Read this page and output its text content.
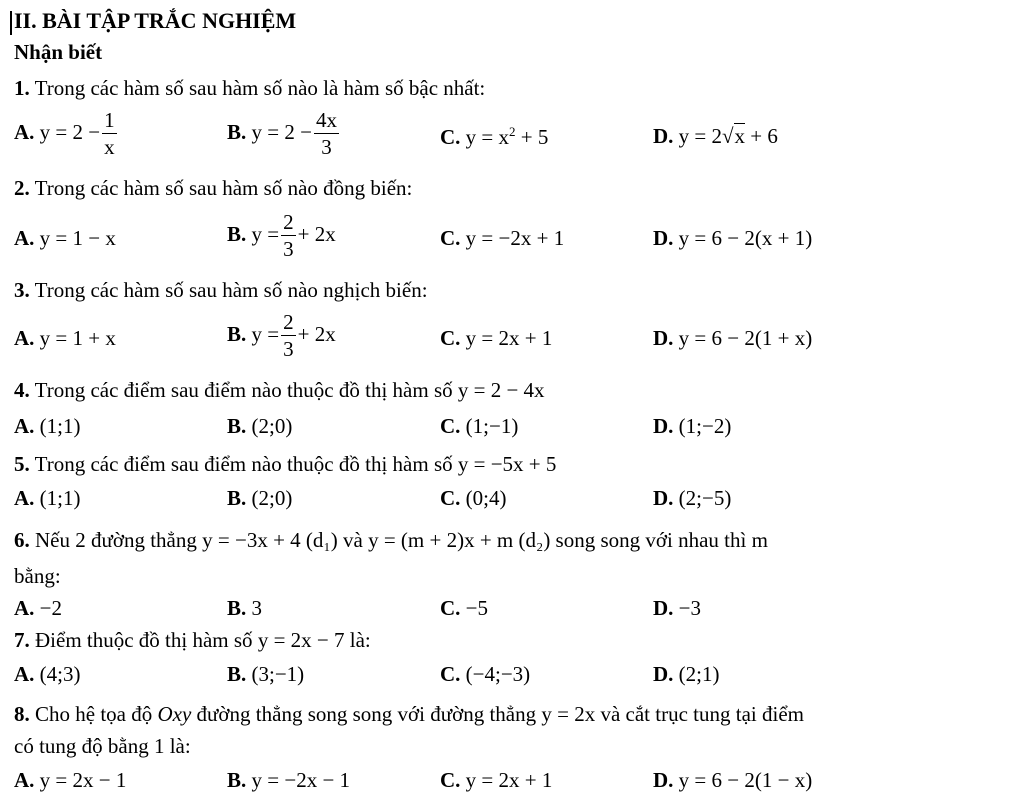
II. BÀI TẬP TRẮC NGHIỆM
Nhận biết
1. Trong các hàm số sau hàm số nào là hàm số bậc nhất:
A. $y = 2 - \frac{1}{x}$	B. $y = 2 - \frac{4x}{3}$	C. $y = x^2 + 5$	D. y = 2√x + 6
2. Trong các hàm số sau hàm số nào đồng biến:
A. y = 1 − x	B. $y = \frac{2}{3} + 2x$	C. y = −2x + 1	D. y = 6 − 2(x + 1)
3. Trong các hàm số sau hàm số nào nghịch biến:
A. y = 1 + x	B. $y = \frac{2}{3} + 2x$	C. y = 2x + 1	D. y = 6 − 2(1 + x)
4. Trong các điểm sau điểm nào thuộc đồ thị hàm số y = 2 − 4x
A. (1;1)	B. (2;0)	C. (1;−1)	D. (1;−2)
5. Trong các điểm sau điểm nào thuộc đồ thị hàm số y = −5x + 5
A. (1;1)	B. (2;0)	C. (0;4)	D. (2;−5)
6. Nếu 2 đường thẳng y = −3x + 4 (d₁) và y = (m + 2)x + m (d₂) song song với nhau thì m
bằng:
A. −2	B. 3	C. −5	D. −3
7. Điểm thuộc đồ thị hàm số y = 2x − 7 là:
A. (4;3)	B. (3;−1)	C. (−4;−3)	D. (2;1)
8. Cho hệ tọa độ Oxy đường thẳng song song với đường thẳng y = 2x và cắt trục tung tại điểm
có tung độ bằng 1 là:
A. y = 2x − 1	B. y = −2x − 1	C. y = 2x + 1	D. y = 6 − 2(1 − x)
